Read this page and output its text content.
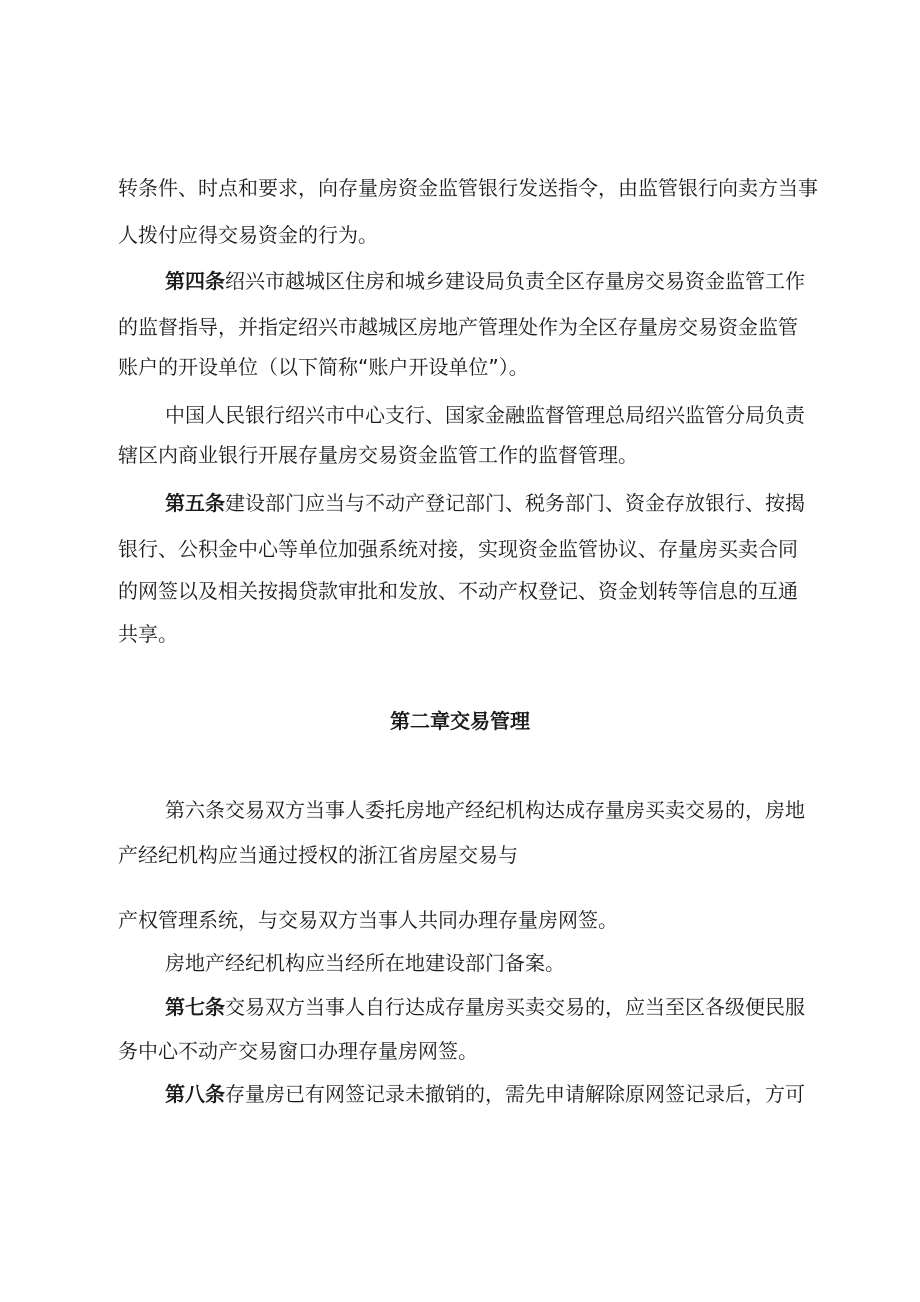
转条件、时点和要求，向存量房资金监管银行发送指令，由监管银行向卖方当事
人拨付应得交易资金的行为。
第四条绍兴市越城区住房和城乡建设局负责全区存量房交易资金监管工作
的监督指导，并指定绍兴市越城区房地产管理处作为全区存量房交易资金监管
账户的开设单位（以下简称“账户开设单位”）。
中国人民银行绍兴市中心支行、国家金融监督管理总局绍兴监管分局负责
辖区内商业银行开展存量房交易资金监管工作的监督管理。
第五条建设部门应当与不动产登记部门、税务部门、资金存放银行、按揭
银行、公积金中心等单位加强系统对接，实现资金监管协议、存量房买卖合同
的网签以及相关按揭贷款审批和发放、不动产权登记、资金划转等信息的互通
共享。
第二章交易管理
第六条交易双方当事人委托房地产经纪机构达成存量房买卖交易的，房地
产经纪机构应当通过授权的浙江省房屋交易与
产权管理系统，与交易双方当事人共同办理存量房网签。
房地产经纪机构应当经所在地建设部门备案。
第七条交易双方当事人自行达成存量房买卖交易的，应当至区各级便民服
务中心不动产交易窗口办理存量房网签。
第八条存量房已有网签记录未撤销的，需先申请解除原网签记录后，方可
